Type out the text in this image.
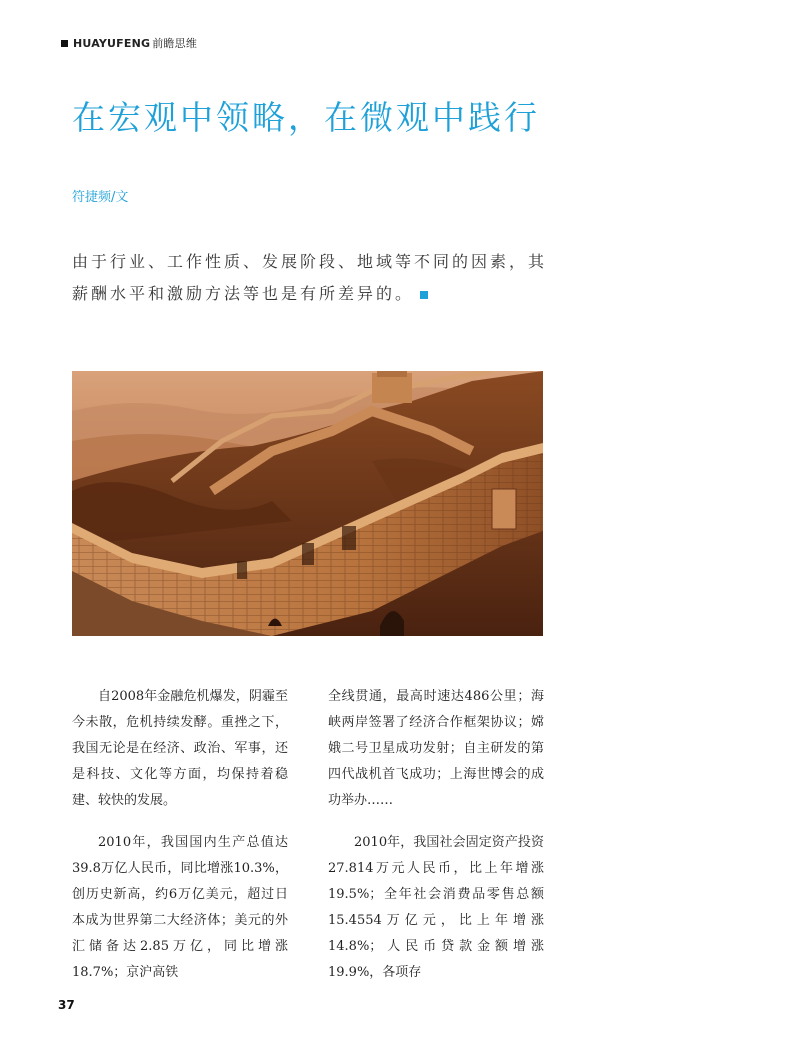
HUAYUFENG 前瞻思维
在宏观中领略，在微观中践行
符捷频/文
由于行业、工作性质、发展阶段、地域等不同的因素，其薪酬水平和激励方法等也是有所差异的。

自2008年金融危机爆发，阴霾至今未散，危机持续发酵。重挫之下，我国无论是在经济、政治、军事，还是科技、文化等方面，均保持着稳建、较快的发展。

2010年，我国国内生产总值达39.8万亿人民币，同比增涨10.3%，创历史新高，约6万亿美元，超过日本成为世界第二大经济体；美元的外汇储备达2.85万亿，同比增涨18.7%；京沪高铁

全线贯通，最高时速达486公里；海峡两岸签署了经济合作框架协议；嫦娥二号卫星成功发射；自主研发的第四代战机首飞成功；上海世博会的成功举办……

2010年，我国社会固定资产投资27.814万元人民币，比上年增涨19.5%；全年社会消费品零售总额15.4554万亿元，比上年增涨14.8%；人民币贷款金额增涨19.9%，各项存

37
